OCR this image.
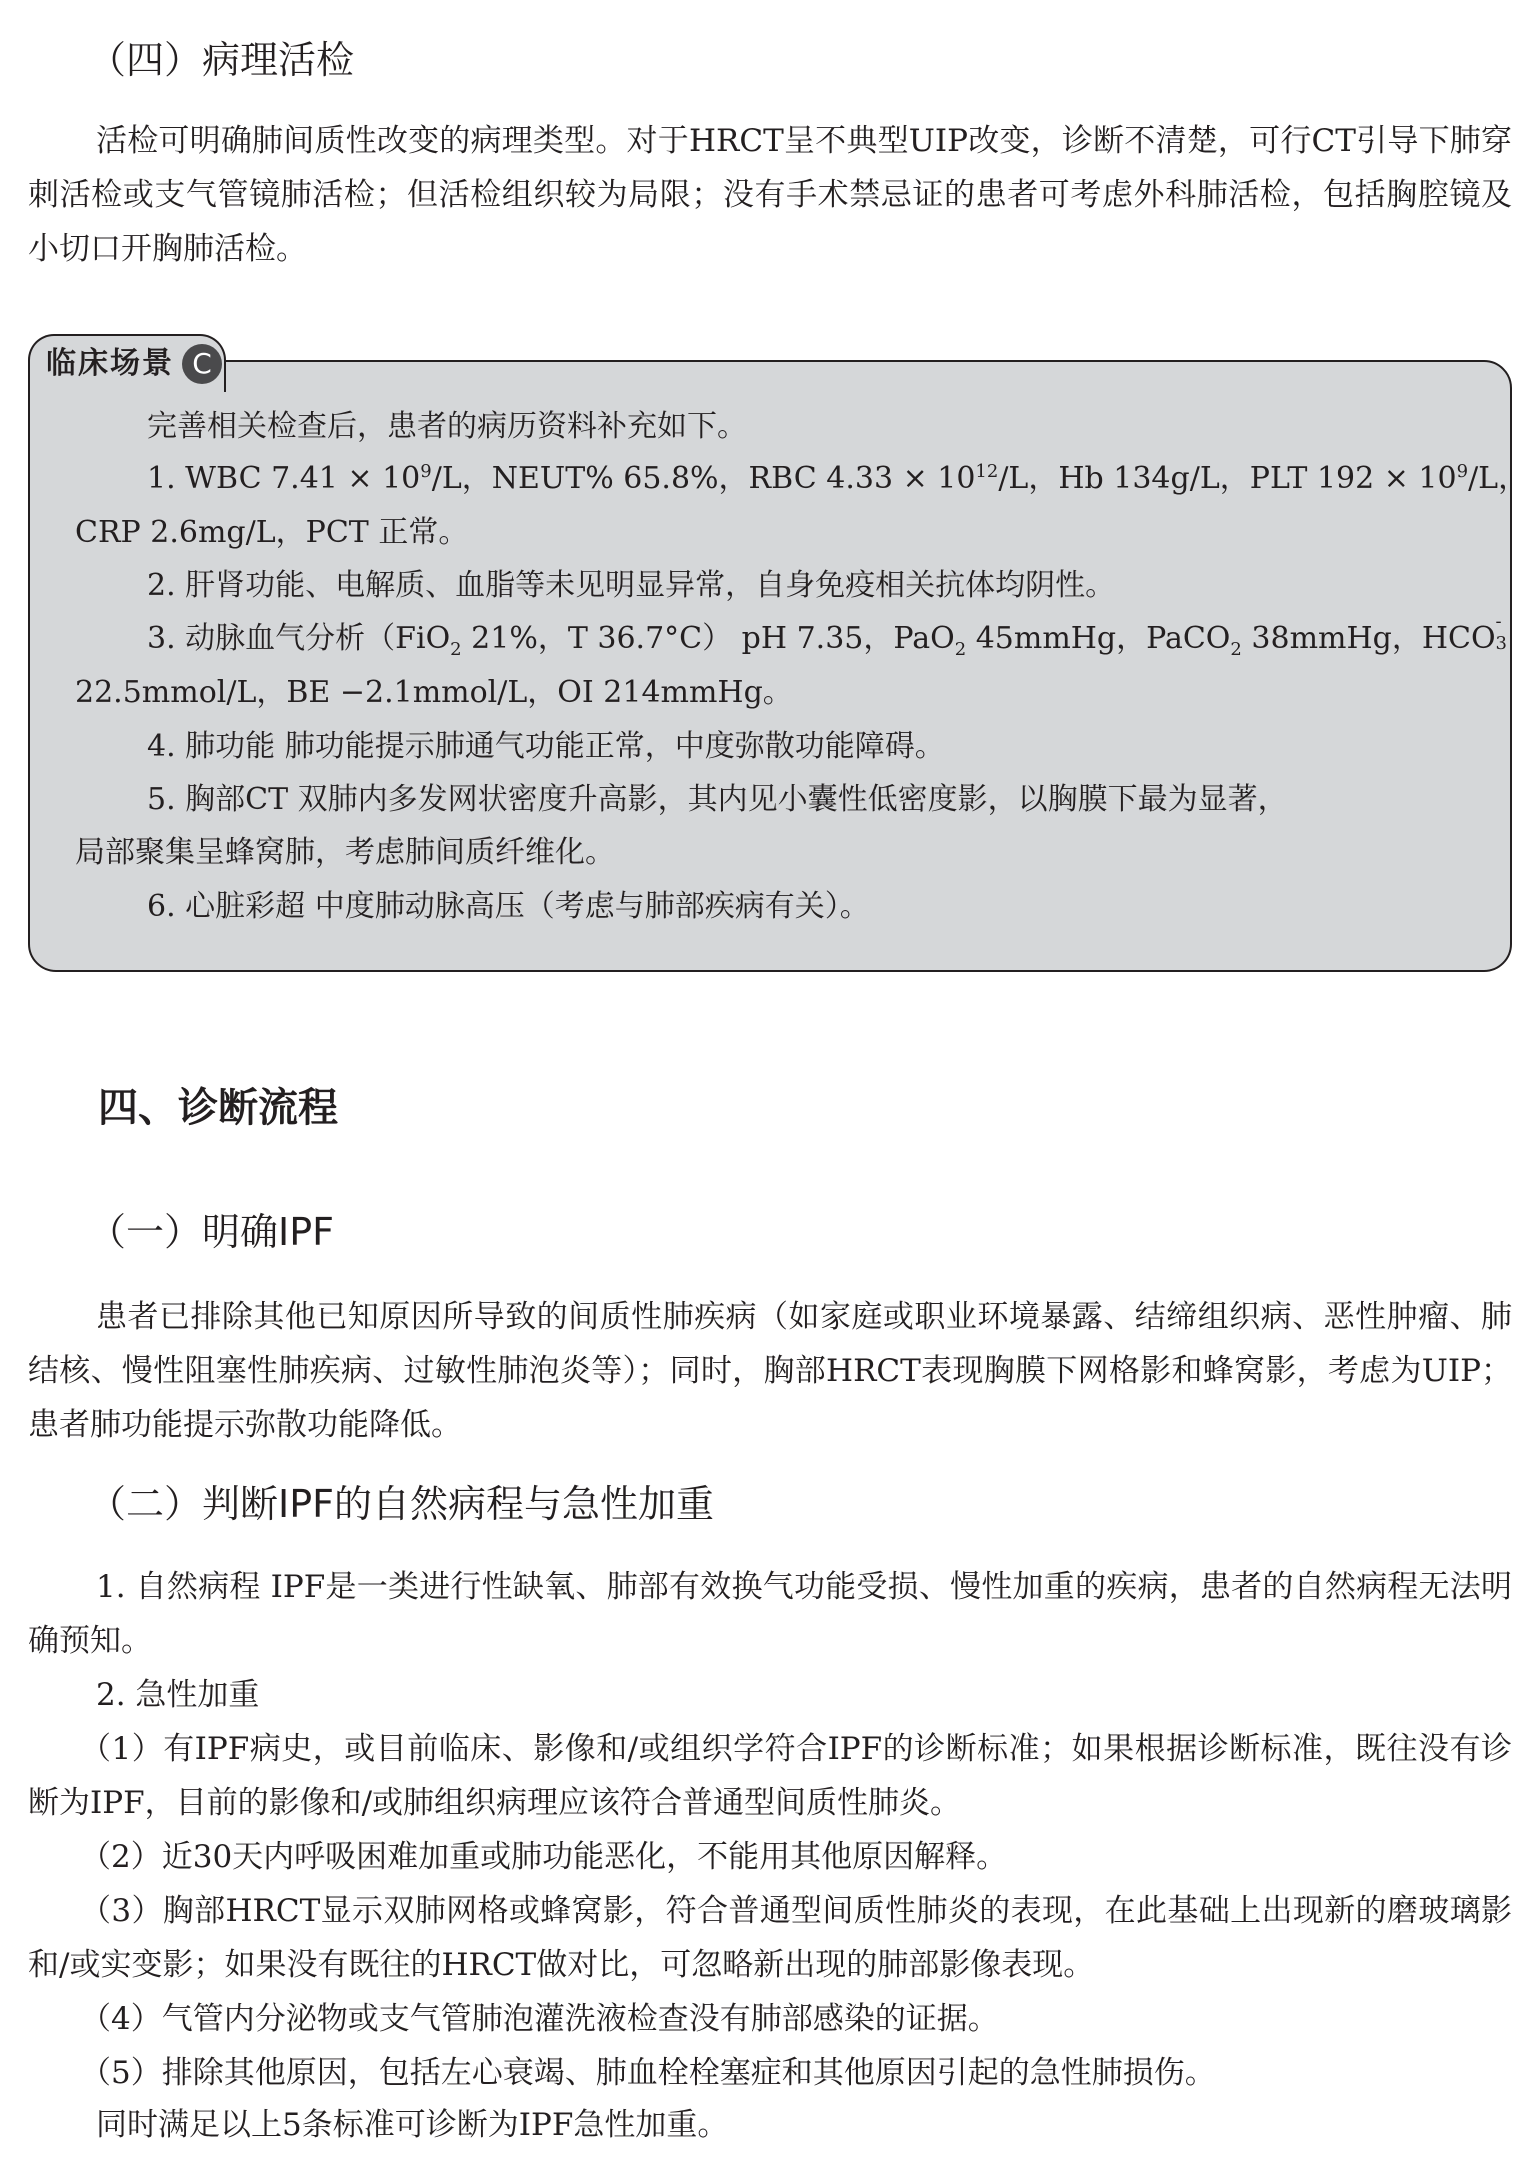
（四）病理活检

活检可明确肺间质性改变的病理类型。对于HRCT呈不典型UIP改变，诊断不清楚，可行CT引导下肺穿刺活检或支气管镜肺活检；但活检组织较为局限；没有手术禁忌证的患者可考虑外科肺活检，包括胸腔镜及小切口开胸肺活检。

临床场景 C
完善相关检查后，患者的病历资料补充如下。
1. WBC $7.41 \times 10^9/L$，NEUT% 65.8%，RBC $4.33 \times 10^{12}/L$，Hb 134g/L，PLT $192 \times 10^9/L$，
CRP 2.6mg/L，PCT 正常。
2. 肝肾功能、电解质、血脂等未见明显异常，自身免疫相关抗体均阴性。
3. 动脉血气分析（FiO$_2$ 21%，T 36.7°C） pH 7.35，PaO$_2$ 45mmHg，PaCO$_2$ 38mmHg，HCO -
3
22.5mmol/L，BE −2.1mmol/L，OI 214mmHg。
4. 肺功能 肺功能提示肺通气功能正常，中度弥散功能障碍。
5. 胸部CT 双肺内多发网状密度升高影，其内见小囊性低密度影，以胸膜下最为显著，
局部聚集呈蜂窝肺，考虑肺间质纤维化。
6. 心脏彩超 中度肺动脉高压（考虑与肺部疾病有关）。
四、诊断流程
（一）明确IPF

患者已排除其他已知原因所导致的间质性肺疾病（如家庭或职业环境暴露、结缔组织病、恶性肿瘤、肺结核、慢性阻塞性肺疾病、过敏性肺泡炎等）；同时，胸部HRCT表现胸膜下网格影和蜂窝影，考虑为UIP；患者肺功能提示弥散功能降低。

（二）判断IPF的自然病程与急性加重

1. 自然病程 IPF是一类进行性缺氧、肺部有效换气功能受损、慢性加重的疾病，患者的自然病程无法明确预知。

2. 急性加重

（1）有IPF病史，或目前临床、影像和/或组织学符合IPF的诊断标准；如果根据诊断标准，既往没有诊断为IPF，目前的影像和/或肺组织病理应该符合普通型间质性肺炎。

（2）近30天内呼吸困难加重或肺功能恶化，不能用其他原因解释。

（3）胸部HRCT显示双肺网格或蜂窝影，符合普通型间质性肺炎的表现，在此基础上出现新的磨玻璃影和/或实变影；如果没有既往的HRCT做对比，可忽略新出现的肺部影像表现。

（4）气管内分泌物或支气管肺泡灌洗液检查没有肺部感染的证据。

（5）排除其他原因，包括左心衰竭、肺血栓栓塞症和其他原因引起的急性肺损伤。

同时满足以上5条标准可诊断为IPF急性加重。
